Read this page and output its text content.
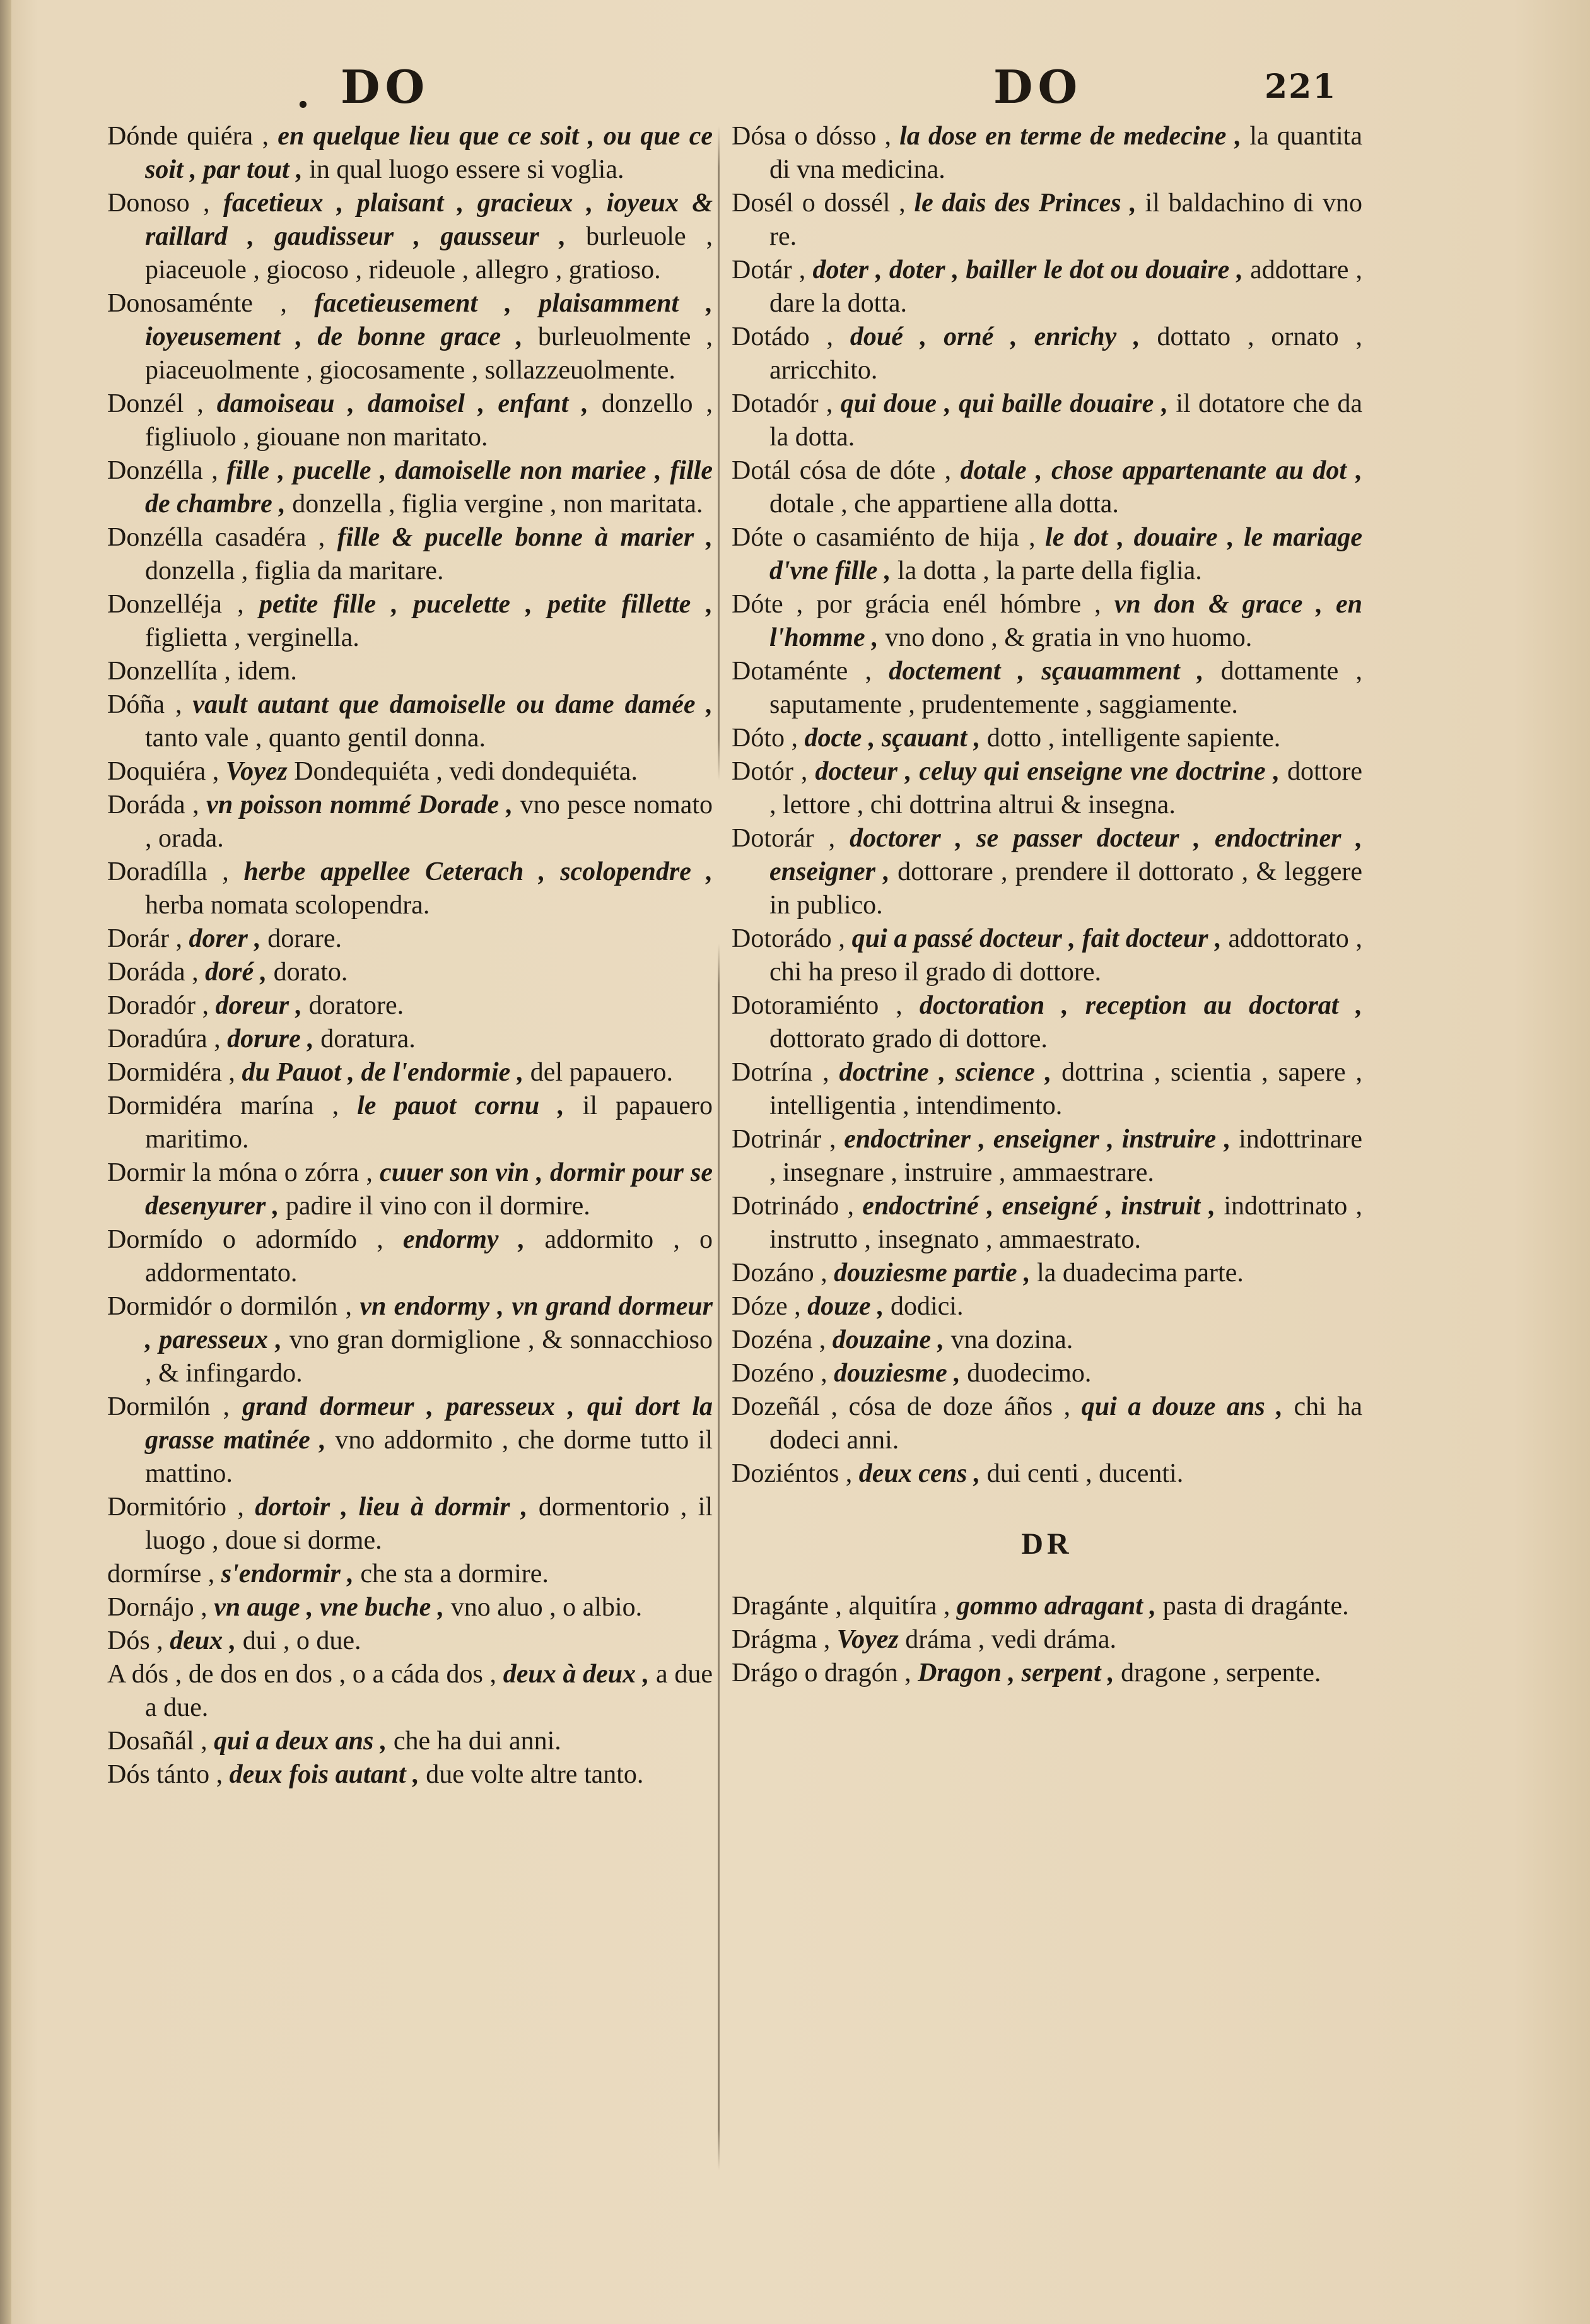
. DO	DO	221

Dónde quiéra , en quelque lieu que ce soit , ou que ce soit , par tout , in qual luogo essere si voglia.

Donoso , facetieux , plaisant , gracieux , ioyeux & raillard , gaudisseur , gausseur , burleuole , piaceuole , giocoso , rideuole , allegro , gratioso.

Donosaménte , facetieusement , plaisamment , ioyeusement , de bonne grace , burleuolmente , piaceuolmente , giocosamente , sollazzeuolmente.

Donzél , damoiseau , damoisel , enfant , donzello , figliuolo , giouane non maritato.

Donzélla , fille , pucelle , damoiselle non mariee , fille de chambre , donzella , figlia vergine , non maritata.

Donzélla casadéra , fille & pucelle bonne à marier , donzella , figlia da maritare.

Donzelléja , petite fille , pucelette , petite fillette , figlietta , verginella.

Donzellíta , idem.

Dóña , vault autant que damoiselle ou dame damée , tanto vale , quanto gentil donna.

Doquiéra , Voyez Dondequiéta , vedi dondequiéta.

Doráda , vn poisson nommé Dorade , vno pesce nomato , orada.

Doradílla , herbe appellee Ceterach , scolopendre , herba nomata scolopendra.

Dorár , dorer , dorare.

Doráda , doré , dorato.

Doradór , doreur , doratore.

Doradúra , dorure , doratura.

Dormidéra , du Pauot , de l'endormie , del papauero.

Dormidéra marína , le pauot cornu , il papauero maritimo.

Dormir la móna o zórra , cuuer son vin , dormir pour se desenyurer , padire il vino con il dormire.

Dormído o adormído , endormy , addormito , o addormentato.

Dormidór o dormilón , vn endormy , vn grand dormeur , paresseux , vno gran dormiglione , & sonnacchioso , & infingardo.

Dormilón , grand dormeur , paresseux , qui dort la grasse matinée , vno addormito , che dorme tutto il mattino.

Dormitório , dortoir , lieu à dormir , dormentorio , il luogo , doue si dorme.

dormírse , s'endormir , che sta a dormire.

Dornájo , vn auge , vne buche , vno aluo , o albio.

Dós , deux , dui , o due.

A dós , de dos en dos , o a cáda dos , deux à deux , a due a due.

Dosañál , qui a deux ans , che ha dui anni.

Dós tánto , deux fois autant , due volte altre tanto.

Dósa o dósso , la dose en terme de medecine , la quantita di vna medicina.

Dosél o dossél , le dais des Princes , il baldachino di vno re.

Dotár , doter , doter , bailler le dot ou douaire , addottare , dare la dotta.

Dotádo , doué , orné , enrichy , dottato , ornato , arricchito.

Dotadór , qui doue , qui baille douaire , il dotatore che da la dotta.

Dotál cósa de dóte , dotale , chose appartenante au dot , dotale , che appartiene alla dotta.

Dóte o casamiénto de hija , le dot , douaire , le mariage d'vne fille , la dotta , la parte della figlia.

Dóte , por grácia enél hómbre , vn don & grace , en l'homme , vno dono , & gratia in vno huomo.

Dotaménte , doctement , sçauamment , dottamente , saputamente , prudentemente , saggiamente.

Dóto , docte , sçauant , dotto , intelligente sapiente.

Dotór , docteur , celuy qui enseigne vne doctrine , dottore , lettore , chi dottrina altrui & insegna.

Dotorár , doctorer , se passer docteur , endoctriner , enseigner , dottorare , prendere il dottorato , & leggere in publico.

Dotorádo , qui a passé docteur , fait docteur , addottorato , chi ha preso il grado di dottore.

Dotoramiénto , doctoration , reception au doctorat , dottorato grado di dottore.

Dotrína , doctrine , science , dottrina , scientia , sapere , intelligentia , intendimento.

Dotrinár , endoctriner , enseigner , instruire , indottrinare , insegnare , instruire , ammaestrare.

Dotrinádo , endoctriné , enseigné , instruit , indottrinato , instrutto , insegnato , ammaestrato.

Dozáno , douziesme partie , la duadecima parte.

Dóze , douze , dodici.

Dozéna , douzaine , vna dozina.

Dozéno , douziesme , duodecimo.

Dozeñál , cósa de doze áños , qui a douze ans , chi ha dodeci anni.

Doziéntos , deux cens , dui centi , ducenti.

DR

Dragánte , alquitíra , gommo adragant , pasta di dragánte.

Drágma , Voyez dráma , vedi dráma.

Drágo o dragón , Dragon , serpent , dragone , serpente.
